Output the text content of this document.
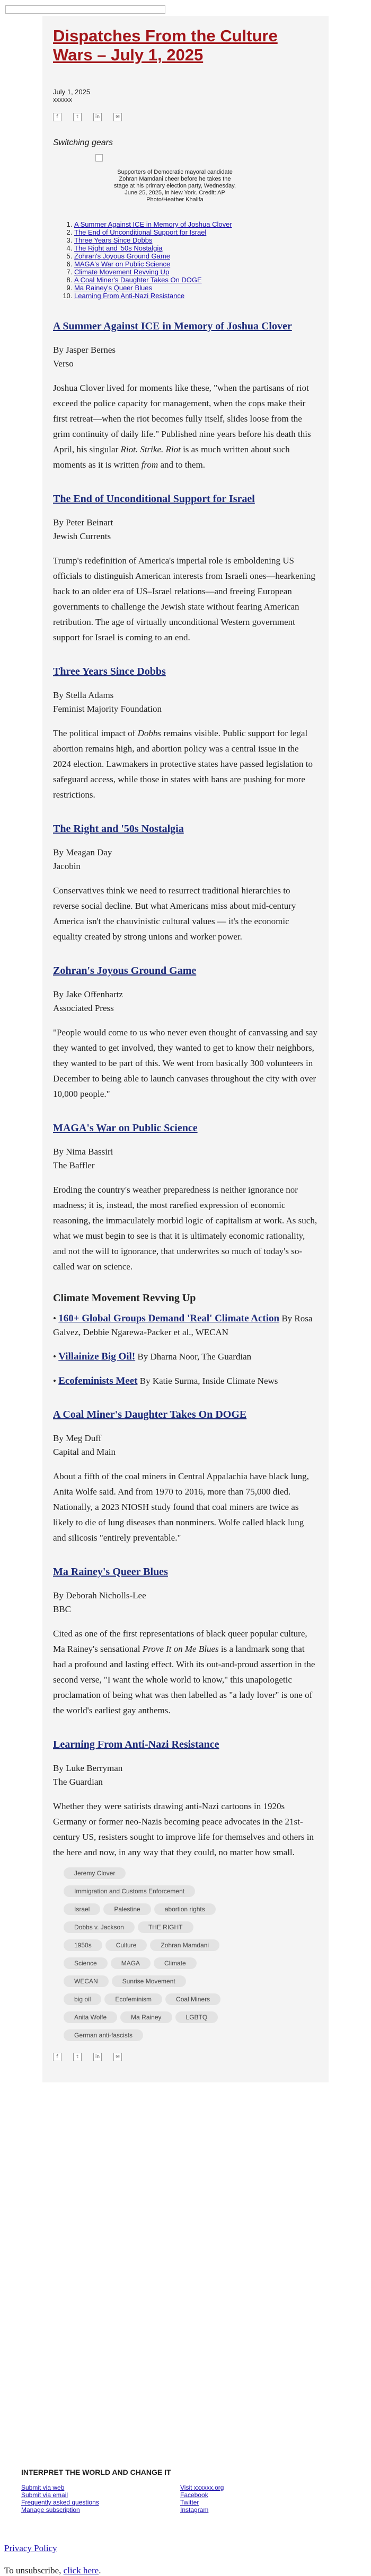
Dispatches From the Culture Wars – July 1, 2025
July 1, 2025
xxxxxx
f	t	in	✉
Switching gears
Supporters of Democratic mayoral candidate Zohran Mamdani cheer before he takes the stage at his primary election party, Wednesday, June 25, 2025, in New York. Credit: AP Photo/Heather Khalifa
1. A Summer Against ICE in Memory of Joshua Clover
2. The End of Unconditional Support for Israel
3. Three Years Since Dobbs
4. The Right and '50s Nostalgia
5. Zohran's Joyous Ground Game
6. MAGA's War on Public Science
7. Climate Movement Revving Up
8. A Coal Miner's Daughter Takes On DOGE
9. Ma Rainey's Queer Blues
10. Learning From Anti-Nazi Resistance
A Summer Against ICE in Memory of Joshua Clover
By Jasper Bernes
Verso
Joshua Clover lived for moments like these, "when the partisans of riot exceed the police capacity for management, when the cops make their first retreat—when the riot becomes fully itself, slides loose from the grim continuity of daily life." Published nine years before his death this April, his singular Riot. Strike. Riot is as much written about such moments as it is written from and to them.
The End of Unconditional Support for Israel
By Peter Beinart
Jewish Currents
Trump's redefinition of America's imperial role is emboldening US officials to distinguish American interests from Israeli ones—hearkening back to an older era of US–Israel relations—and freeing European governments to challenge the Jewish state without fearing American retribution. The age of virtually unconditional Western government support for Israel is coming to an end.
Three Years Since Dobbs
By Stella Adams
Feminist Majority Foundation
The political impact of Dobbs remains visible. Public support for legal abortion remains high, and abortion policy was a central issue in the 2024 election. Lawmakers in protective states have passed legislation to safeguard access, while those in states with bans are pushing for more restrictions.
The Right and '50s Nostalgia
By Meagan Day
Jacobin
Conservatives think we need to resurrect traditional hierarchies to reverse social decline. But what Americans miss about mid-century America isn't the chauvinistic cultural values — it's the economic equality created by strong unions and worker power.
Zohran's Joyous Ground Game
By Jake Offenhartz
Associated Press
"People would come to us who never even thought of canvassing and say they wanted to get involved, they wanted to get to know their neighbors, they wanted to be part of this. We went from basically 300 volunteers in December to being able to launch canvases throughout the city with over 10,000 people."
MAGA's War on Public Science
By Nima Bassiri
The Baffler
Eroding the country's weather preparedness is neither ignorance nor madness; it is, instead, the most rarefied expression of economic reasoning, the immaculately morbid logic of capitalism at work. As such, what we must begin to see is that it is ultimately economic rationality, and not the will to ignorance, that underwrites so much of today's so-called war on science.
Climate Movement Revving Up
• 160+ Global Groups Demand 'Real' Climate Action By Rosa Galvez, Debbie Ngarewa-Packer et al., WECAN
• Villainize Big Oil! By Dharna Noor, The Guardian
• Ecofeminists Meet By Katie Surma, Inside Climate News
A Coal Miner's Daughter Takes On DOGE
By Meg Duff
Capital and Main
About a fifth of the coal miners in Central Appalachia have black lung, Anita Wolfe said. And from 1970 to 2016, more than 75,000 died. Nationally, a 2023 NIOSH study found that coal miners are twice as likely to die of lung diseases than nonminers. Wolfe called black lung and silicosis "entirely preventable."
Ma Rainey's Queer Blues
By Deborah Nicholls-Lee
BBC
Cited as one of the first representations of black queer popular culture, Ma Rainey's sensational Prove It on Me Blues is a landmark song that had a profound and lasting effect. With its out-and-proud assertion in the second verse, "I want the whole world to know," this unapologetic proclamation of being what was then labelled as "a lady lover" is one of the world's earliest gay anthems.
Learning From Anti-Nazi Resistance
By Luke Berryman
The Guardian
Whether they were satirists drawing anti-Nazi cartoons in 1920s Germany or former neo-Nazis becoming peace advocates in the 21st-century US, resisters sought to improve life for themselves and others in the here and now, in any way that they could, no matter how small.
Jeremy Clover
Immigration and Customs Enforcement
Israel	Palestine	abortion rights
Dobbs v. Jackson	THE RIGHT
1950s	Culture	Zohran Mamdani
Science	MAGA	Climate
WECAN	Sunrise Movement
big oil	Ecofeminism	Coal Miners
Anita Wolfe	Ma Rainey	LGBTQ
German anti-fascists
f	t	in	✉
INTERPRET THE WORLD AND CHANGE IT
Submit via web	Visit xxxxxx.org
Submit via email	Facebook
Frequently asked questions	Twitter
Manage subscription	Instagram
Privacy Policy
To unsubscribe, click here.
